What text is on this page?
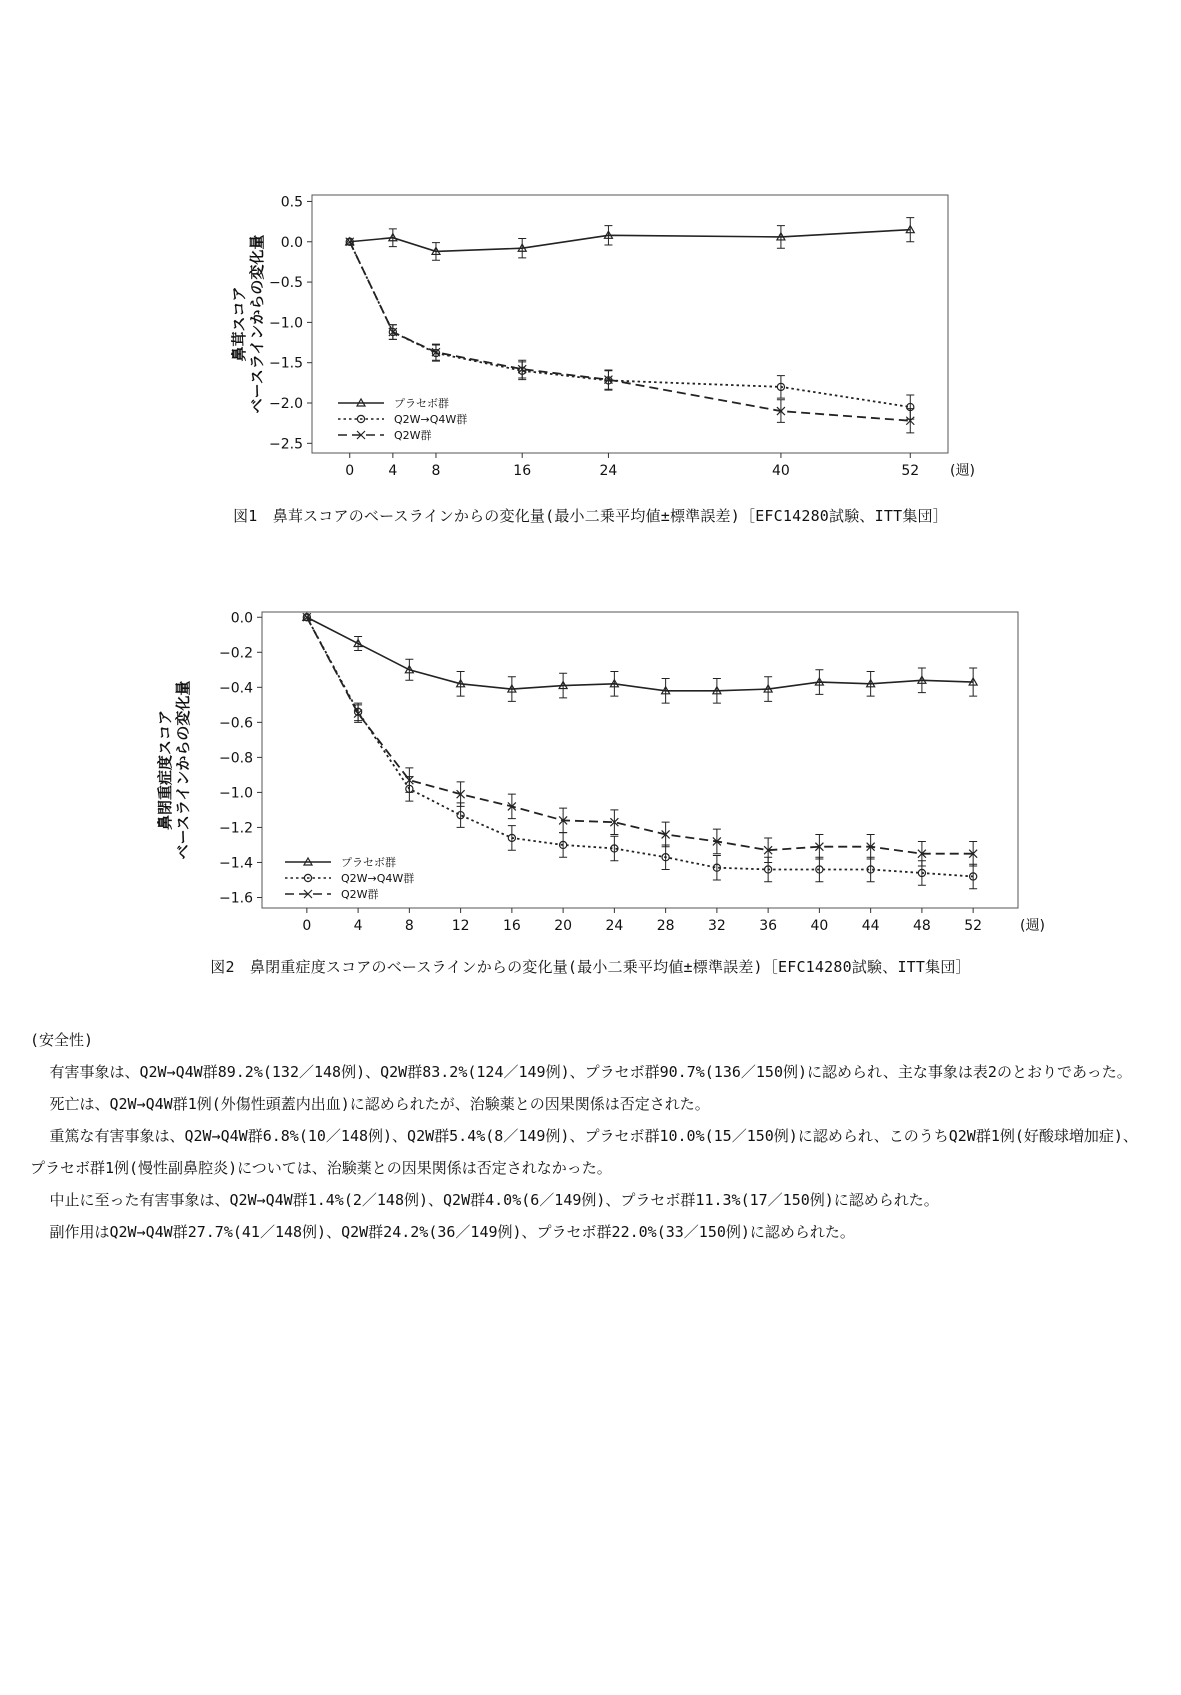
0.5
0.0
−0.5
−1.0
−1.5
−2.0
−2.5
0 4 8	16	24	40	52 (週)
鼻茸スコア ベースラインからの変化量	プラセボ群
Q2W→Q4W群
Q2W群
図1　鼻茸スコアのベースラインからの変化量(最小二乗平均値±標準誤差)［EFC14280試験、ITT集団］
0.0
−0.2
−0.4
−0.6
−0.8
−1.0
−1.2
−1.4
−1.6
0	4	8	12 16 20 24 28 32 36 40 44 48 52	(週)
鼻閉重症度スコア ベースラインからの変化量
プラセボ群
Q2W→Q4W群
Q2W群
図2　鼻閉重症度スコアのベースラインからの変化量(最小二乗平均値±標準誤差)［EFC14280試験、ITT集団］

(安全性)

有害事象は、Q2W→Q4W群89.2%(132／148例)、Q2W群83.2%(124／149例)、プラセボ群90.7%(136／150例)に認められ、主な事象は表2のとおりであった。

死亡は、Q2W→Q4W群1例(外傷性頭蓋内出血)に認められたが、治験薬との因果関係は否定された。

重篤な有害事象は、Q2W→Q4W群6.8%(10／148例)、Q2W群5.4%(8／149例)、プラセボ群10.0%(15／150例)に認められ、このうちQ2W群1例(好酸球増加症)、プラセボ群1例(慢性副鼻腔炎)については、治験薬との因果関係は否定されなかった。

中止に至った有害事象は、Q2W→Q4W群1.4%(2／148例)、Q2W群4.0%(6／149例)、プラセボ群11.3%(17／150例)に認められた。

副作用はQ2W→Q4W群27.7%(41／148例)、Q2W群24.2%(36／149例)、プラセボ群22.0%(33／150例)に認められた。
